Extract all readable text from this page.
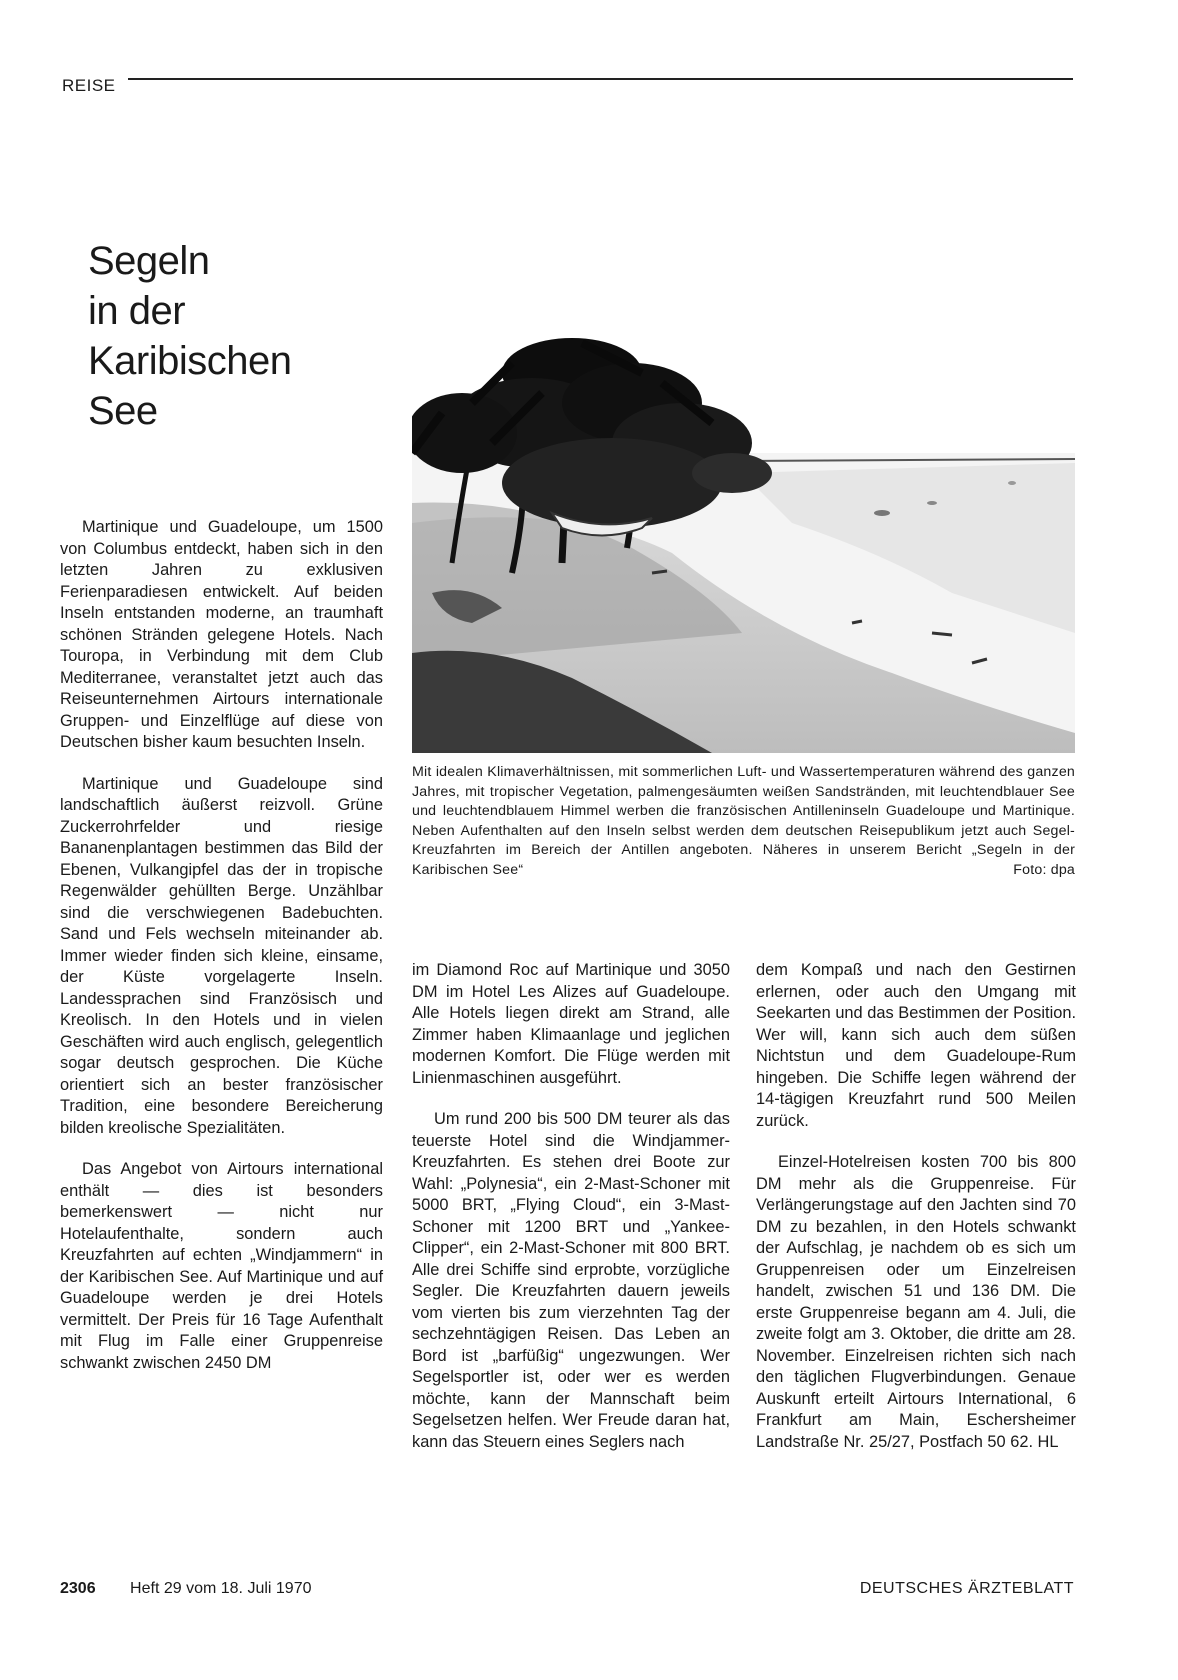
REISE
Segeln
in der
Karibischen
See
Mit idealen Klimaverhältnissen, mit sommerlichen Luft- und Wassertemperaturen während des ganzen Jahres, mit tropischer Vegetation, palmengesäumten weißen Sandstränden, mit leuchtendblauer See und leuchtendblauem Himmel werben die französischen Antilleninseln Guadeloupe und Martinique. Neben Aufenthalten auf den Inseln selbst werden dem deutschen Reisepublikum jetzt auch Segel-Kreuzfahrten im Bereich der Antillen angeboten. Näheres in unserem Bericht „Segeln in der Karibischen See“	Foto: dpa

Martinique und Guadeloupe, um 1500 von Columbus entdeckt, haben sich in den letzten Jahren zu exklusiven Ferienparadiesen entwickelt. Auf beiden Inseln entstanden moderne, an traumhaft schönen Stränden gelegene Hotels. Nach Touropa, in Verbindung mit dem Club Mediterranee, veranstaltet jetzt auch das Reiseunternehmen Airtours internationale Gruppen- und Einzelflüge auf diese von Deutschen bisher kaum besuchten Inseln.

Martinique und Guadeloupe sind landschaftlich äußerst reizvoll. Grüne Zuckerrohrfelder und riesige Bananenplantagen bestimmen das Bild der Ebenen, Vulkangipfel das der in tropische Regenwälder gehüllten Berge. Unzählbar sind die verschwiegenen Badebuchten. Sand und Fels wechseln miteinander ab. Immer wieder finden sich kleine, einsame, der Küste vorgelagerte Inseln. Landessprachen sind Französisch und Kreolisch. In den Hotels und in vielen Geschäften wird auch englisch, gelegentlich sogar deutsch gesprochen. Die Küche orientiert sich an bester französischer Tradition, eine besondere Bereicherung bilden kreolische Spezialitäten.

Das Angebot von Airtours international enthält — dies ist besonders bemerkenswert — nicht nur Hotelaufenthalte, sondern auch Kreuzfahrten auf echten „Windjammern“ in der Karibischen See. Auf Martinique und auf Guadeloupe werden je drei Hotels vermittelt. Der Preis für 16 Tage Aufenthalt mit Flug im Falle einer Gruppenreise schwankt zwischen 2450 DM

im Diamond Roc auf Martinique und 3050 DM im Hotel Les Alizes auf Guadeloupe. Alle Hotels liegen direkt am Strand, alle Zimmer haben Klimaanlage und jeglichen modernen Komfort. Die Flüge werden mit Linienmaschinen ausgeführt.

Um rund 200 bis 500 DM teurer als das teuerste Hotel sind die Windjammer-Kreuzfahrten. Es stehen drei Boote zur Wahl: „Polynesia“, ein 2-Mast-Schoner mit 5000 BRT, „Flying Cloud“, ein 3-Mast-Schoner mit 1200 BRT und „Yankee-Clipper“, ein 2-Mast-Schoner mit 800 BRT. Alle drei Schiffe sind erprobte, vorzügliche Segler. Die Kreuzfahrten dauern jeweils vom vierten bis zum vierzehnten Tag der sechzehntägigen Reisen. Das Leben an Bord ist „barfüßig“ ungezwungen. Wer Segelsportler ist, oder wer es werden möchte, kann der Mannschaft beim Segelsetzen helfen. Wer Freude daran hat, kann das Steuern eines Seglers nach

dem Kompaß und nach den Gestirnen erlernen, oder auch den Umgang mit Seekarten und das Bestimmen der Position. Wer will, kann sich auch dem süßen Nichtstun und dem Guadeloupe-Rum hingeben. Die Schiffe legen während der 14-tägigen Kreuzfahrt rund 500 Meilen zurück.

Einzel-Hotelreisen kosten 700 bis 800 DM mehr als die Gruppenreise. Für Verlängerungstage auf den Jachten sind 70 DM zu bezahlen, in den Hotels schwankt der Aufschlag, je nachdem ob es sich um Gruppenreisen oder um Einzelreisen handelt, zwischen 51 und 136 DM. Die erste Gruppenreise begann am 4. Juli, die zweite folgt am 3. Oktober, die dritte am 28. November. Einzelreisen richten sich nach den täglichen Flugverbindungen. Genaue Auskunft erteilt Airtours International, 6 Frankfurt am Main, Eschersheimer Landstraße Nr. 25/27, Postfach 50 62. HL

2306 Heft 29 vom 18. Juli 1970	DEUTSCHES ÄRZTEBLATT
